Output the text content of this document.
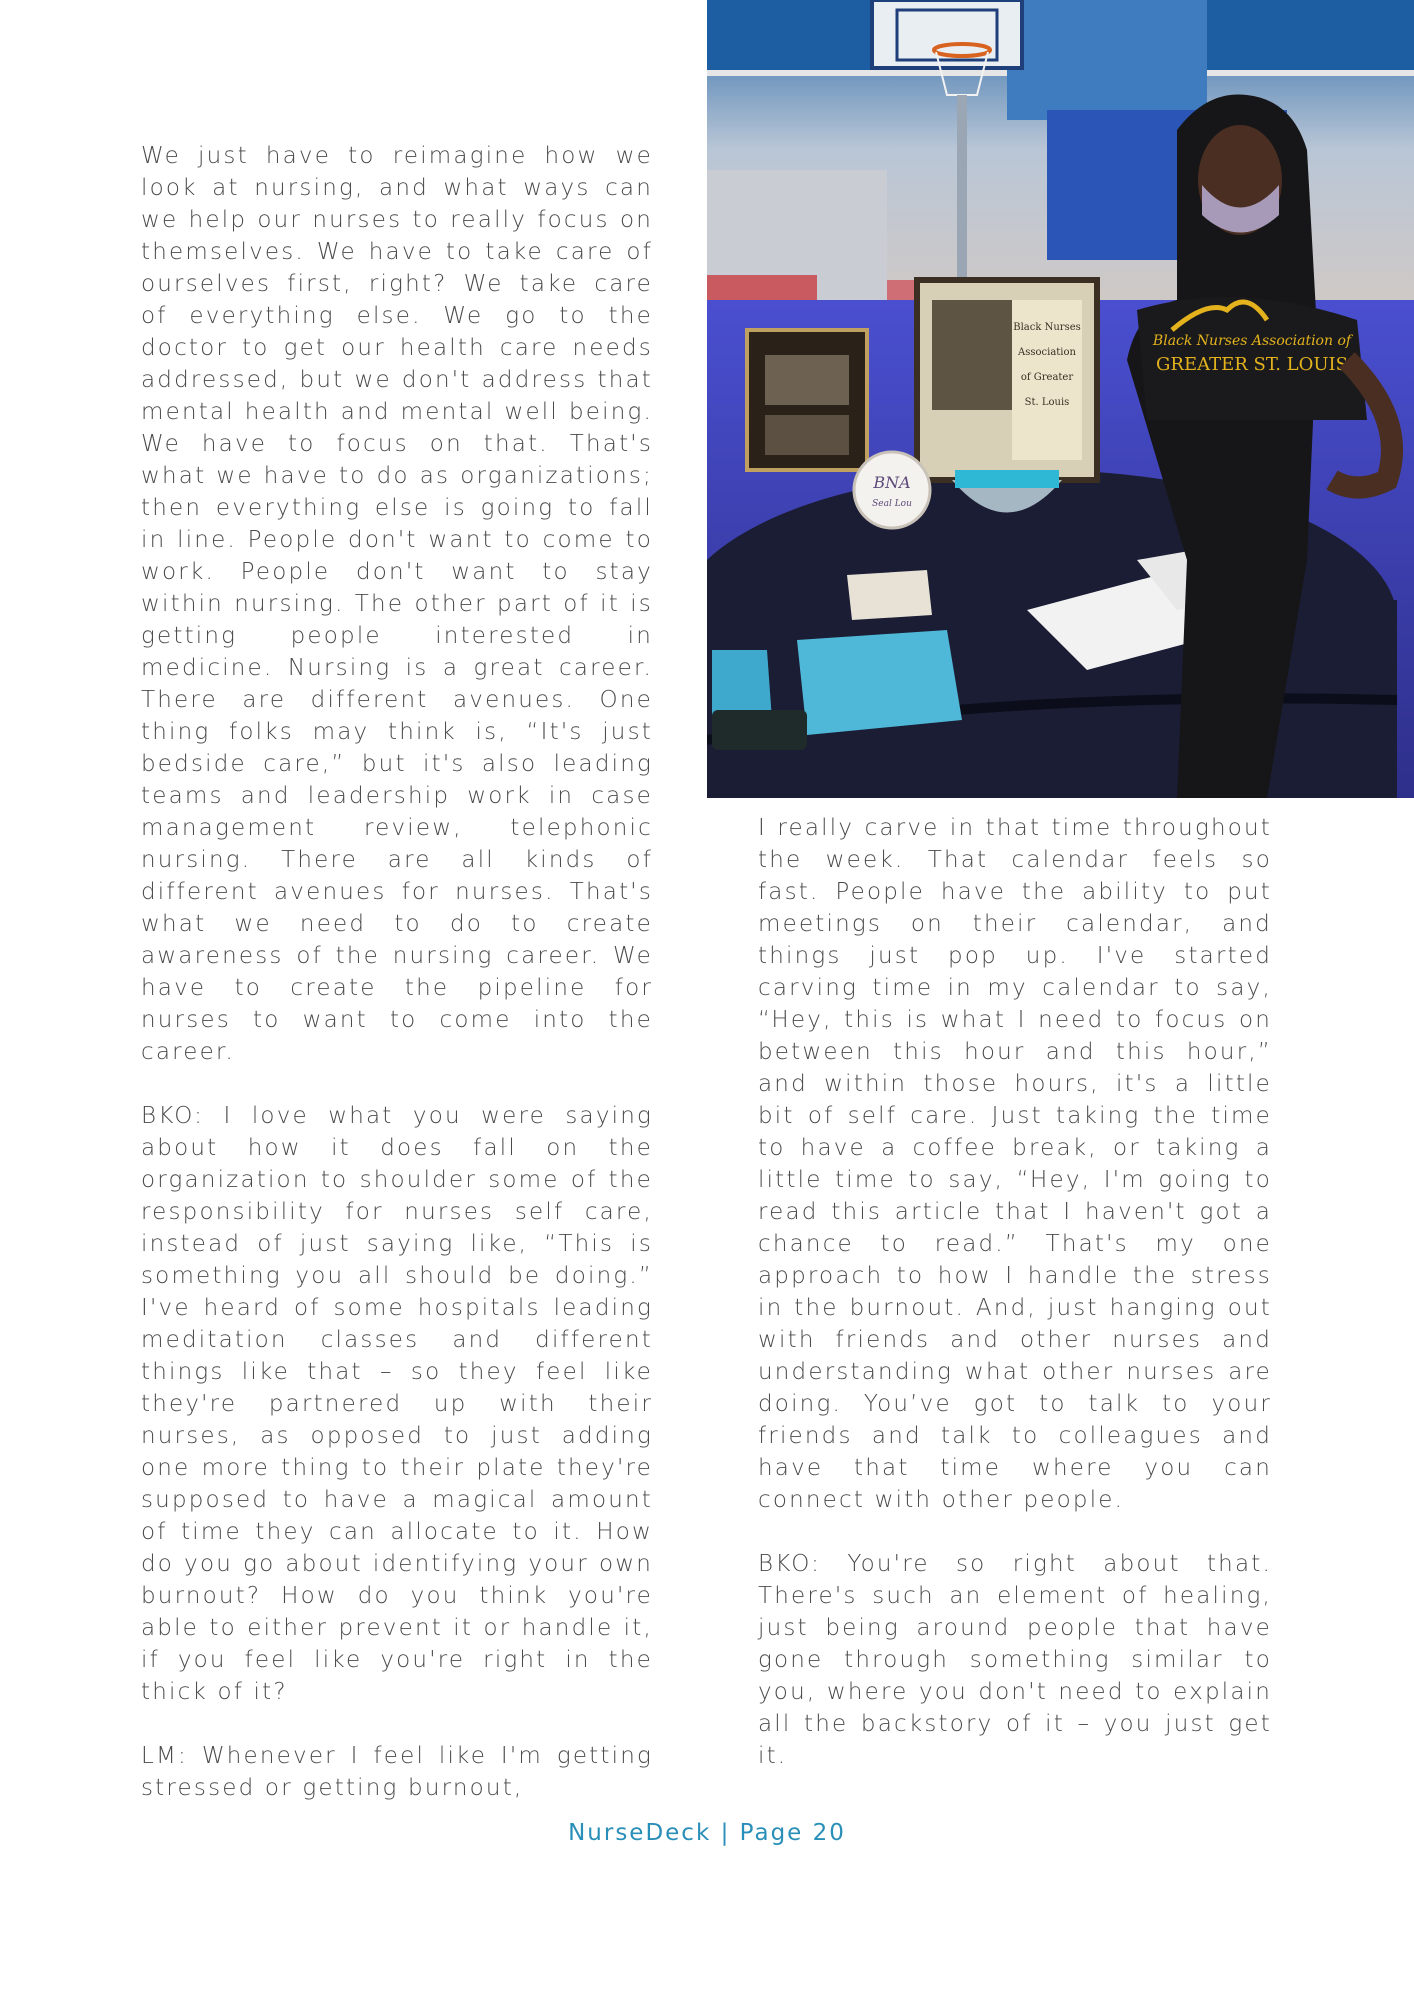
We just have to reimagine how we look at nursing, and what ways can we help our nurses to really focus on themselves. We have to take care of ourselves first, right? We take care of everything else. We go to the doctor to get our health care needs addressed, but we don't address that mental health and mental well being. We have to focus on that. That's what we have to do as organizations; then everything else is going to fall in line. People don't want to come to work. People don't want to stay within nursing. The other part of it is getting people interested in medicine. Nursing is a great career. There are different avenues. One thing folks may think is, “It's just bedside care,” but it's also leading teams and leadership work in case management review, telephonic nursing. There are all kinds of different avenues for nurses. That's what we need to do to create awareness of the nursing career. We have to create the pipeline for nurses to want to come into the career.

BKO: I love what you were saying about how it does fall on the organization to shoulder some of the responsibility for nurses self care, instead of just saying like, “This is something you all should be doing.” I've heard of some hospitals leading meditation classes and different things like that – so they feel like they're partnered up with their nurses, as opposed to just adding one more thing to their plate they're supposed to have a magical amount of time they can allocate to it. How do you go about identifying your own burnout? How do you think you're able to either prevent it or handle it, if you feel like you're right in the thick of it?

LM: Whenever I feel like I'm getting stressed or getting burnout,

Black Nurses
Association
of Greater
St. Louis
BNA
Seal Lou
Black Nurses Association of
GREATER ST. LOUIS

I really carve in that time throughout the week. That calendar feels so fast. People have the ability to put meetings on their calendar, and things just pop up. I've started carving time in my calendar to say, “Hey, this is what I need to focus on between this hour and this hour,” and within those hours, it's a little bit of self care. Just taking the time to have a coffee break, or taking a little time to say, “Hey, I'm going to read this article that I haven't got a chance to read.” That's my one approach to how I handle the stress in the burnout. And, just hanging out with friends and other nurses and understanding what other nurses are doing. You’ve got to talk to your friends and talk to colleagues and have that time where you can connect with other people.

BKO: You're so right about that. There's such an element of healing, just being around people that have gone through something similar to you, where you don't need to explain all the backstory of it – you just get it.

NurseDeck | Page 20
